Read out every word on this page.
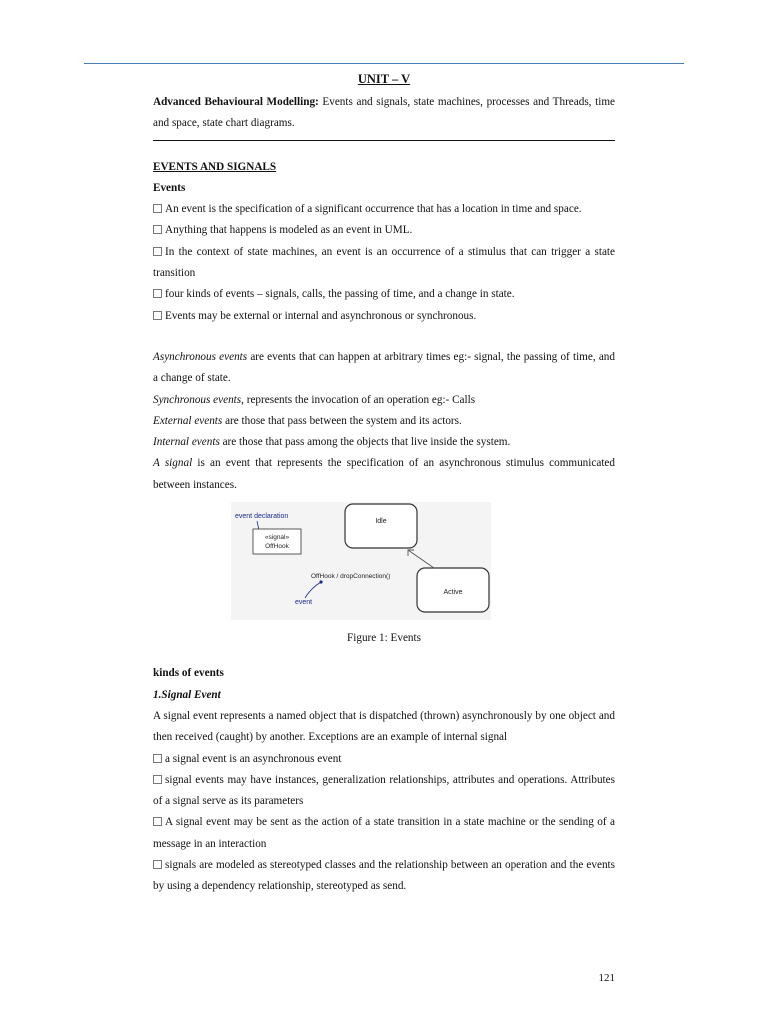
UNIT – V
Advanced Behavioural Modelling: Events and signals, state machines, processes and Threads, time and space, state chart diagrams.
EVENTS AND SIGNALS
Events
An event is the specification of a significant occurrence that has a location in time and space.
Anything that happens is modeled as an event in UML.
In the context of state machines, an event is an occurrence of a stimulus that can trigger a state transition
four kinds of events – signals, calls, the passing of time, and a change in state.
Events may be external or internal and asynchronous or synchronous.
Asynchronous events are events that can happen at arbitrary times eg:- signal, the passing of time, and a change of state.
Synchronous events, represents the invocation of an operation eg:- Calls
External events are those that pass between the system and its actors.
Internal events are those that pass among the objects that live inside the system.
A signal is an event that represents the specification of an asynchronous stimulus communicated between instances.
event declaration
«signal»
OffHook
Idle
Active
OffHook / dropConnection()
event
Figure 1: Events
kinds of events
1.Signal Event
A signal event represents a named object that is dispatched (thrown) asynchronously by one object and then received (caught) by another. Exceptions are an example of internal signal
a signal event is an asynchronous event
signal events may have instances, generalization relationships, attributes and operations. Attributes of a signal serve as its parameters
A signal event may be sent as the action of a state transition in a state machine or the sending of a message in an interaction
signals are modeled as stereotyped classes and the relationship between an operation and the events by using a dependency relationship, stereotyped as send.
121
